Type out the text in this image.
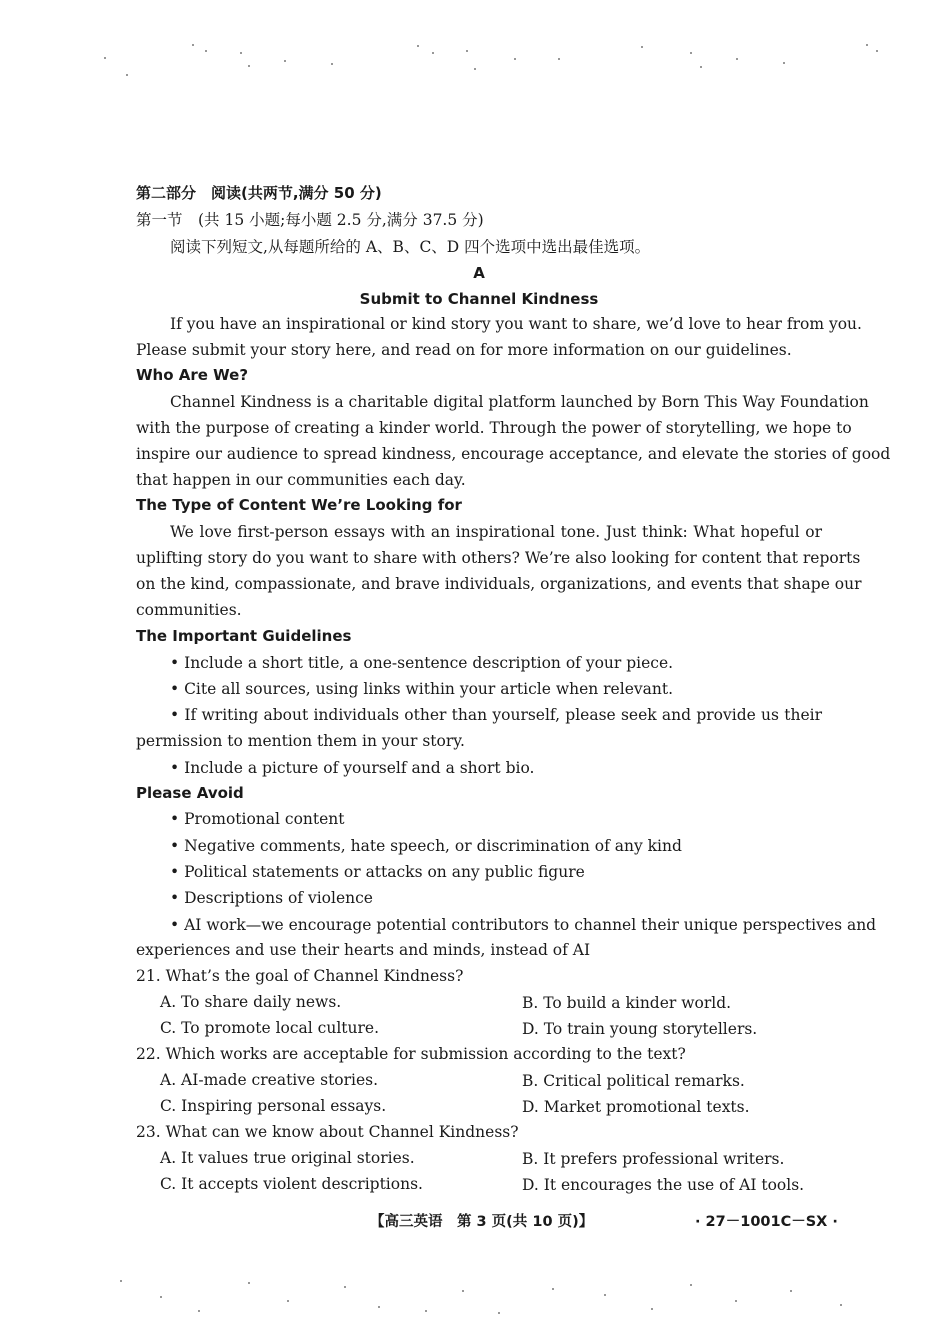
第二部分　阅读(共两节,满分 50 分)
第一节　(共 15 小题;每小题 2.5 分,满分 37.5 分)
阅读下列短文,从每题所给的 A、B、C、D 四个选项中选出最佳选项。
A
Submit to Channel Kindness
If you have an inspirational or kind story you want to share, we’d love to hear from you.
Please submit your story here, and read on for more information on our guidelines.
Who Are We?
Channel Kindness is a charitable digital platform launched by Born This Way Foundation
with the purpose of creating a kinder world. Through the power of storytelling, we hope to
inspire our audience to spread kindness, encourage acceptance, and elevate the stories of good
that happen in our communities each day.
The Type of Content We’re Looking for
We love first-person essays with an inspirational tone. Just think: What hopeful or
uplifting story do you want to share with others? We’re also looking for content that reports
on the kind, compassionate, and brave individuals, organizations, and events that shape our
communities.
The Important Guidelines
• Include a short title, a one-sentence description of your piece.
• Cite all sources, using links within your article when relevant.
• If writing about individuals other than yourself, please seek and provide us their
permission to mention them in your story.
• Include a picture of yourself and a short bio.
Please Avoid
• Promotional content
• Negative comments, hate speech, or discrimination of any kind
• Political statements or attacks on any public figure
• Descriptions of violence
• AI work—we encourage potential contributors to channel their unique perspectives and
experiences and use their hearts and minds, instead of AI
21. What’s the goal of Channel Kindness?
A. To share daily news.	B. To build a kinder world.
C. To promote local culture.	D. To train young storytellers.
22. Which works are acceptable for submission according to the text?
A. AI-made creative stories.	B. Critical political remarks.
C. Inspiring personal essays.	D. Market promotional texts.
23. What can we know about Channel Kindness?
A. It values true original stories.	B. It prefers professional writers.
C. It accepts violent descriptions.	D. It encourages the use of AI tools.
【高三英语　第 3 页(共 10 页)】	· 27－1001C－SX ·
